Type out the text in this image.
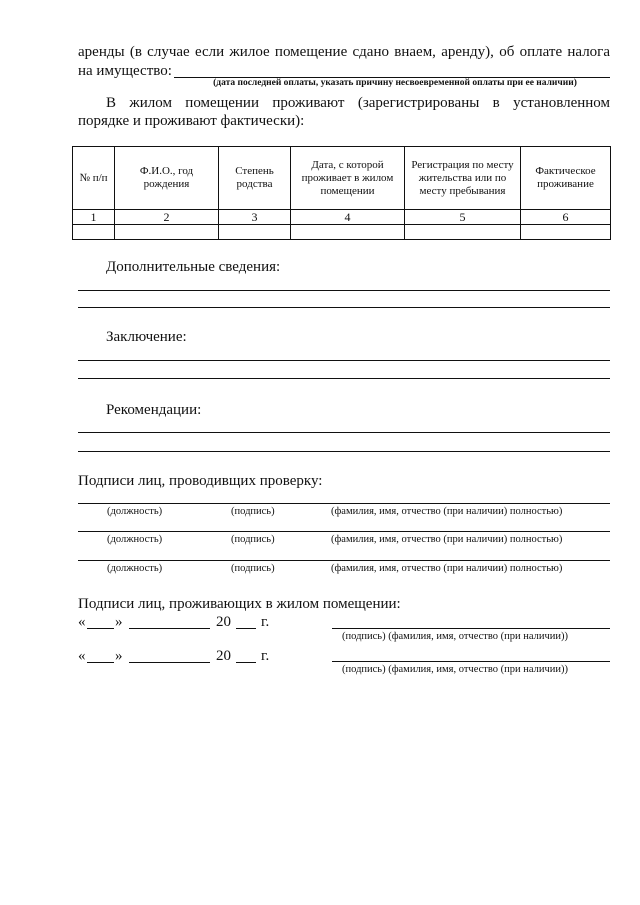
аренды (в случае если жилое помещение сдано внаем, аренду), об оплате налога
на имущество:
(дата последней оплаты, указать причину несвоевременной оплаты при ее наличии)
В жилом помещении проживают (зарегистрированы в установленном
порядке и проживают фактически):
№ п/п	Ф.И.О., год рождения	Степень родства	Дата, с которой проживает в жилом помещении	Регистрация по месту жительства или по месту пребывания	Фактическое проживание
1	2	3	4	5	6

Дополнительные сведения:
Заключение:
Рекомендации:
Подписи лиц, проводивщих проверку:
(должность)	(подпись)	(фамилия, имя, отчество (при наличии) полностью)
(должность)	(подпись)	(фамилия, имя, отчество (при наличии) полностью)
(должность)	(подпись)	(фамилия, имя, отчество (при наличии) полностью)
Подписи лиц, проживающих в жилом помещении:
« »	20 г.
(подпись) (фамилия, имя, отчество (при наличии))
« »	20 г.
(подпись) (фамилия, имя, отчество (при наличии))
